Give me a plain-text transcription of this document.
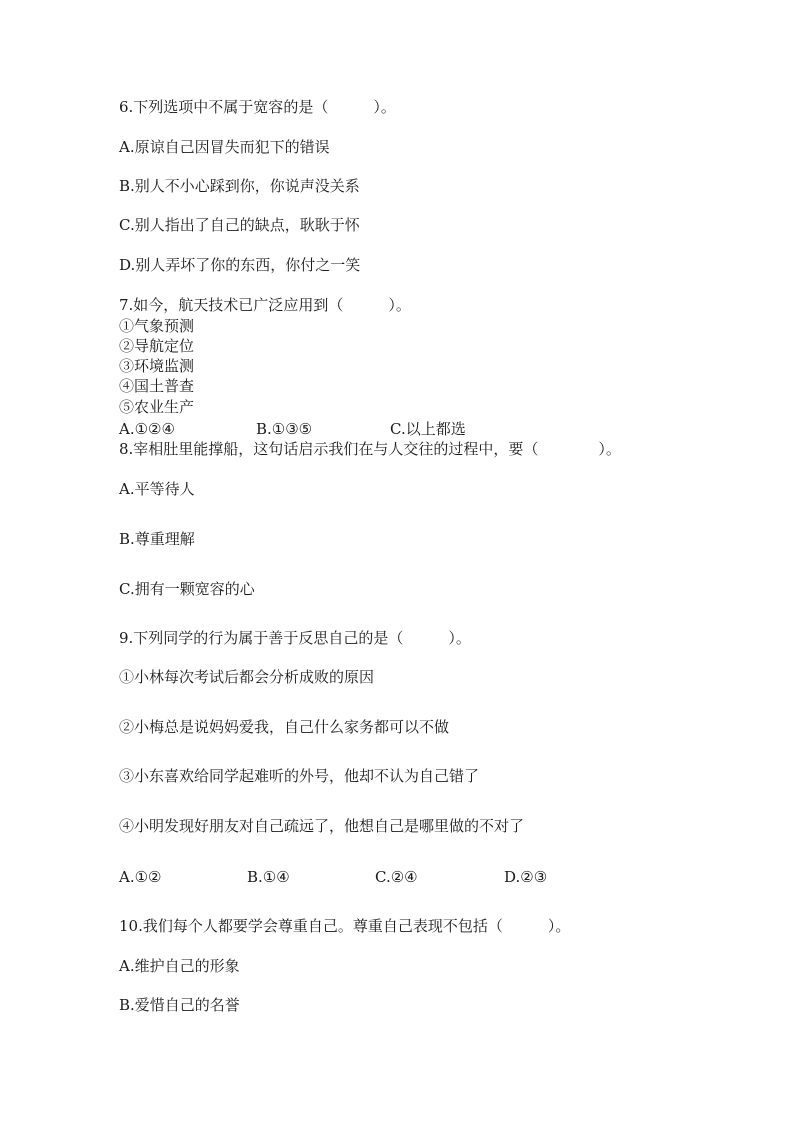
6.下列选项中不属于宽容的是（　　　）。
A.原谅自己因冒失而犯下的错误
B.别人不小心踩到你，你说声没关系
C.别人指出了自己的缺点，耿耿于怀
D.别人弄坏了你的东西，你付之一笑
7.如今，航天技术已广泛应用到（　　　）。
①气象预测
②导航定位
③环境监测
④国土普查
⑤农业生产
A.①②④	B.①③⑤	C.以上都选
8.宰相肚里能撑船，这句话启示我们在与人交往的过程中，要（　　　　）。
A.平等待人
B.尊重理解
C.拥有一颗宽容的心
9.下列同学的行为属于善于反思自己的是（　　　）。
①小林每次考试后都会分析成败的原因
②小梅总是说妈妈爱我，自己什么家务都可以不做
③小东喜欢给同学起难听的外号，他却不认为自己错了
④小明发现好朋友对自己疏远了，他想自己是哪里做的不对了
A.①②	B.①④	C.②④	D.②③
10.我们每个人都要学会尊重自己。尊重自己表现不包括（　　　）。
A.维护自己的形象
B.爱惜自己的名誉
